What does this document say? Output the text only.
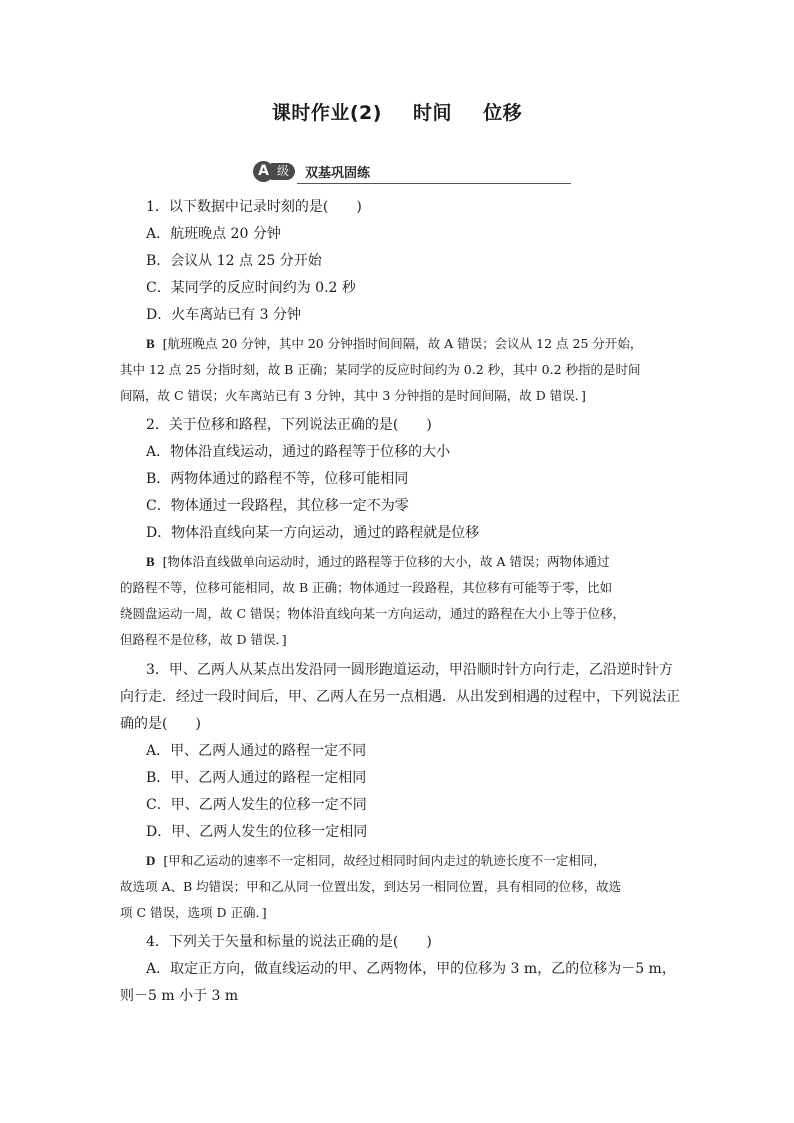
课时作业(2) 时间 位移
级
A	双基巩固练
1．以下数据中记录时刻的是(　　)
A．航班晚点 20 分钟
B．会议从 12 点 25 分开始
C．某同学的反应时间约为 0.2 秒
D．火车离站已有 3 分钟
B [航班晚点 20 分钟，其中 20 分钟指时间间隔，故 A 错误；会议从 12 点 25 分开始，
其中 12 点 25 分指时刻，故 B 正确；某同学的反应时间约为 0.2 秒，其中 0.2 秒指的是时间
间隔，故 C 错误；火车离站已有 3 分钟，其中 3 分钟指的是时间间隔，故 D 错误．]
2．关于位移和路程，下列说法正确的是(　　)
A．物体沿直线运动，通过的路程等于位移的大小
B．两物体通过的路程不等，位移可能相同
C．物体通过一段路程，其位移一定不为零
D．物体沿直线向某一方向运动，通过的路程就是位移
B [物体沿直线做单向运动时，通过的路程等于位移的大小，故 A 错误；两物体通过
的路程不等，位移可能相同，故 B 正确；物体通过一段路程，其位移有可能等于零，比如
绕圆盘运动一周，故 C 错误；物体沿直线向某一方向运动，通过的路程在大小上等于位移，
但路程不是位移，故 D 错误．]
3．甲、乙两人从某点出发沿同一圆形跑道运动，甲沿顺时针方向行走，乙沿逆时针方
向行走．经过一段时间后，甲、乙两人在另一点相遇．从出发到相遇的过程中，下列说法正
确的是(　　)
A．甲、乙两人通过的路程一定不同
B．甲、乙两人通过的路程一定相同
C．甲、乙两人发生的位移一定不同
D．甲、乙两人发生的位移一定相同
D [甲和乙运动的速率不一定相同，故经过相同时间内走过的轨迹长度不一定相同，
故选项 A、B 均错误；甲和乙从同一位置出发，到达另一相同位置，具有相同的位移，故选
项 C 错误，选项 D 正确．]
4．下列关于矢量和标量的说法正确的是(　　)
A．取定正方向，做直线运动的甲、乙两物体，甲的位移为 3 m，乙的位移为－5 m，
则－5 m 小于 3 m
